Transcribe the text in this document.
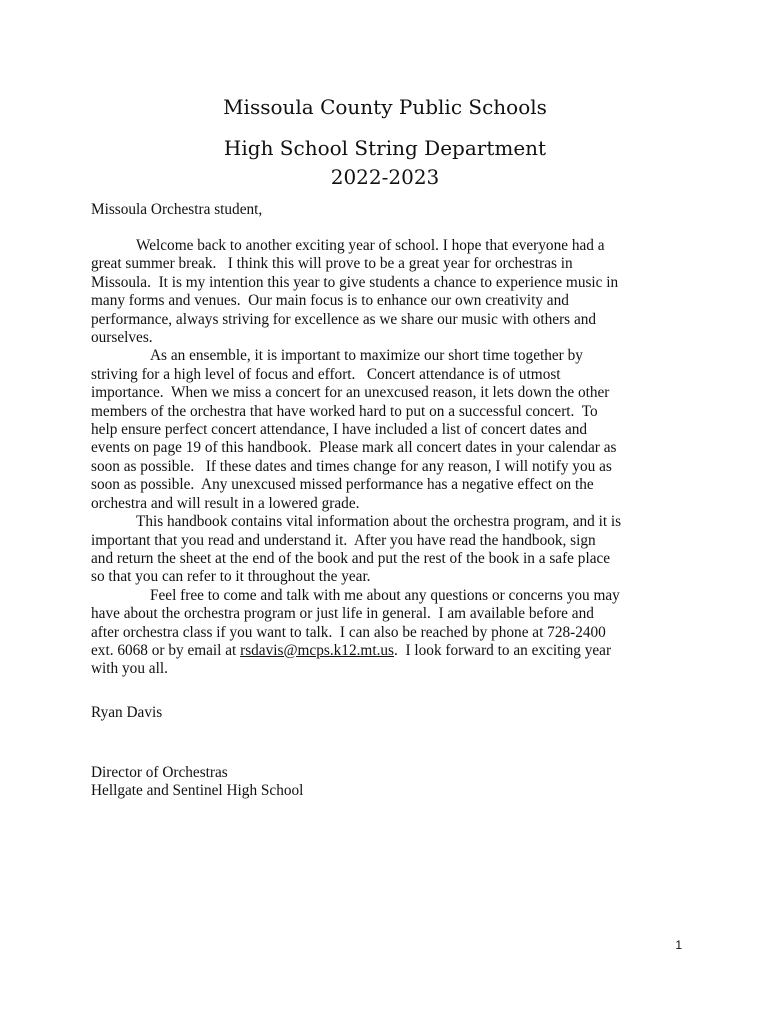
Missoula County Public Schools
High School String Department
2022-2023
Missoula Orchestra student,
Welcome back to another exciting year of school. I hope that everyone had a
great summer break.   I think this will prove to be a great year for orchestras in
Missoula.  It is my intention this year to give students a chance to experience music in
many forms and venues.  Our main focus is to enhance our own creativity and
performance, always striving for excellence as we share our music with others and
ourselves.
As an ensemble, it is important to maximize our short time together by
striving for a high level of focus and effort.   Concert attendance is of utmost
importance.  When we miss a concert for an unexcused reason, it lets down the other
members of the orchestra that have worked hard to put on a successful concert.  To
help ensure perfect concert attendance, I have included a list of concert dates and
events on page 19 of this handbook.  Please mark all concert dates in your calendar as
soon as possible.   If these dates and times change for any reason, I will notify you as
soon as possible.  Any unexcused missed performance has a negative effect on the
orchestra and will result in a lowered grade.
This handbook contains vital information about the orchestra program, and it is
important that you read and understand it.  After you have read the handbook, sign
and return the sheet at the end of the book and put the rest of the book in a safe place
so that you can refer to it throughout the year.
Feel free to come and talk with me about any questions or concerns you may
have about the orchestra program or just life in general.  I am available before and
after orchestra class if you want to talk.  I can also be reached by phone at 728-2400
ext. 6068 or by email at rsdavis@mcps.k12.mt.us.  I look forward to an exciting year
with you all.
Ryan Davis
Director of Orchestras
Hellgate and Sentinel High School
1
